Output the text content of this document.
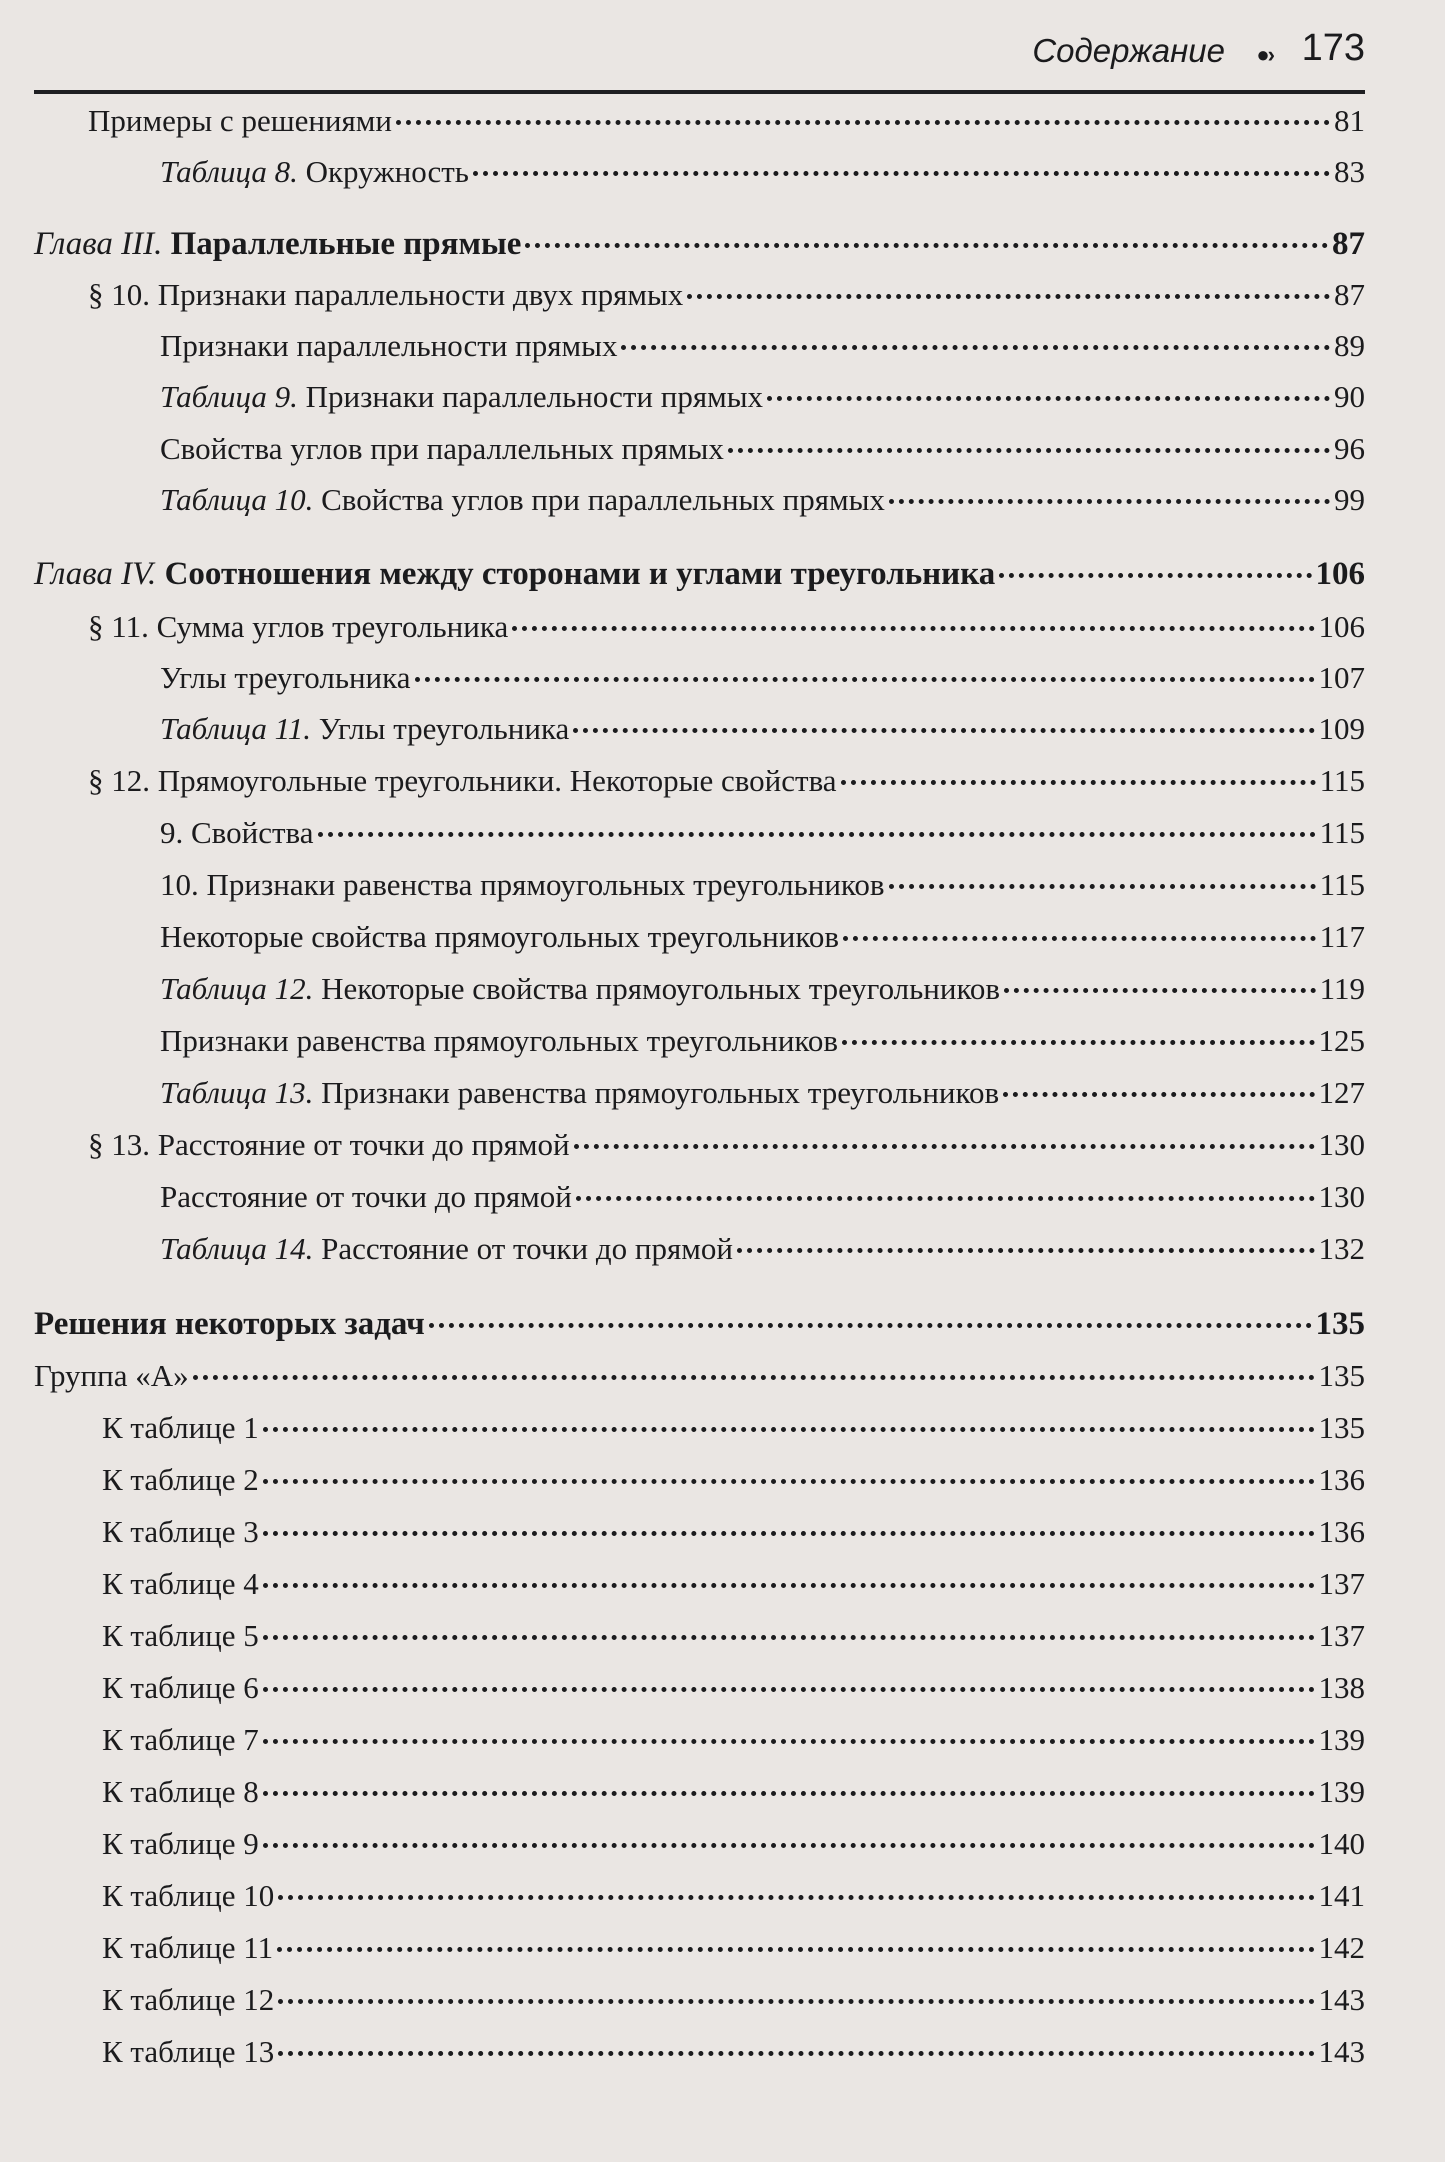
Содержание ●› 173
Примеры с решениями	81
Таблица 8. Окружность	83
Глава III. Параллельные прямые	87
§ 10. Признаки параллельности двух прямых	87
Признаки параллельности прямых	89
Таблица 9. Признаки параллельности прямых	90
Свойства углов при параллельных прямых	96
Таблица 10. Свойства углов при параллельных прямых	99
Глава IV. Соотношения между сторонами и углами треугольника	106
§ 11. Сумма углов треугольника	106
Углы треугольника	107
Таблица 11. Углы треугольника	109
§ 12. Прямоугольные треугольники. Некоторые свойства	115
9. Свойства	115
10. Признаки равенства прямоугольных треугольников	115
Некоторые свойства прямоугольных треугольников	117
Таблица 12. Некоторые свойства прямоугольных треугольников	119
Признаки равенства прямоугольных треугольников	125
Таблица 13. Признаки равенства прямоугольных треугольников	127
§ 13. Расстояние от точки до прямой	130
Расстояние от точки до прямой	130
Таблица 14. Расстояние от точки до прямой	132
Решения некоторых задач	135
Группа «А»	135
К таблице 1	135
К таблице 2	136
К таблице 3	136
К таблице 4	137
К таблице 5	137
К таблице 6	138
К таблице 7	139
К таблице 8	139
К таблице 9	140
К таблице 10	141
К таблице 11	142
К таблице 12	143
К таблице 13	143
